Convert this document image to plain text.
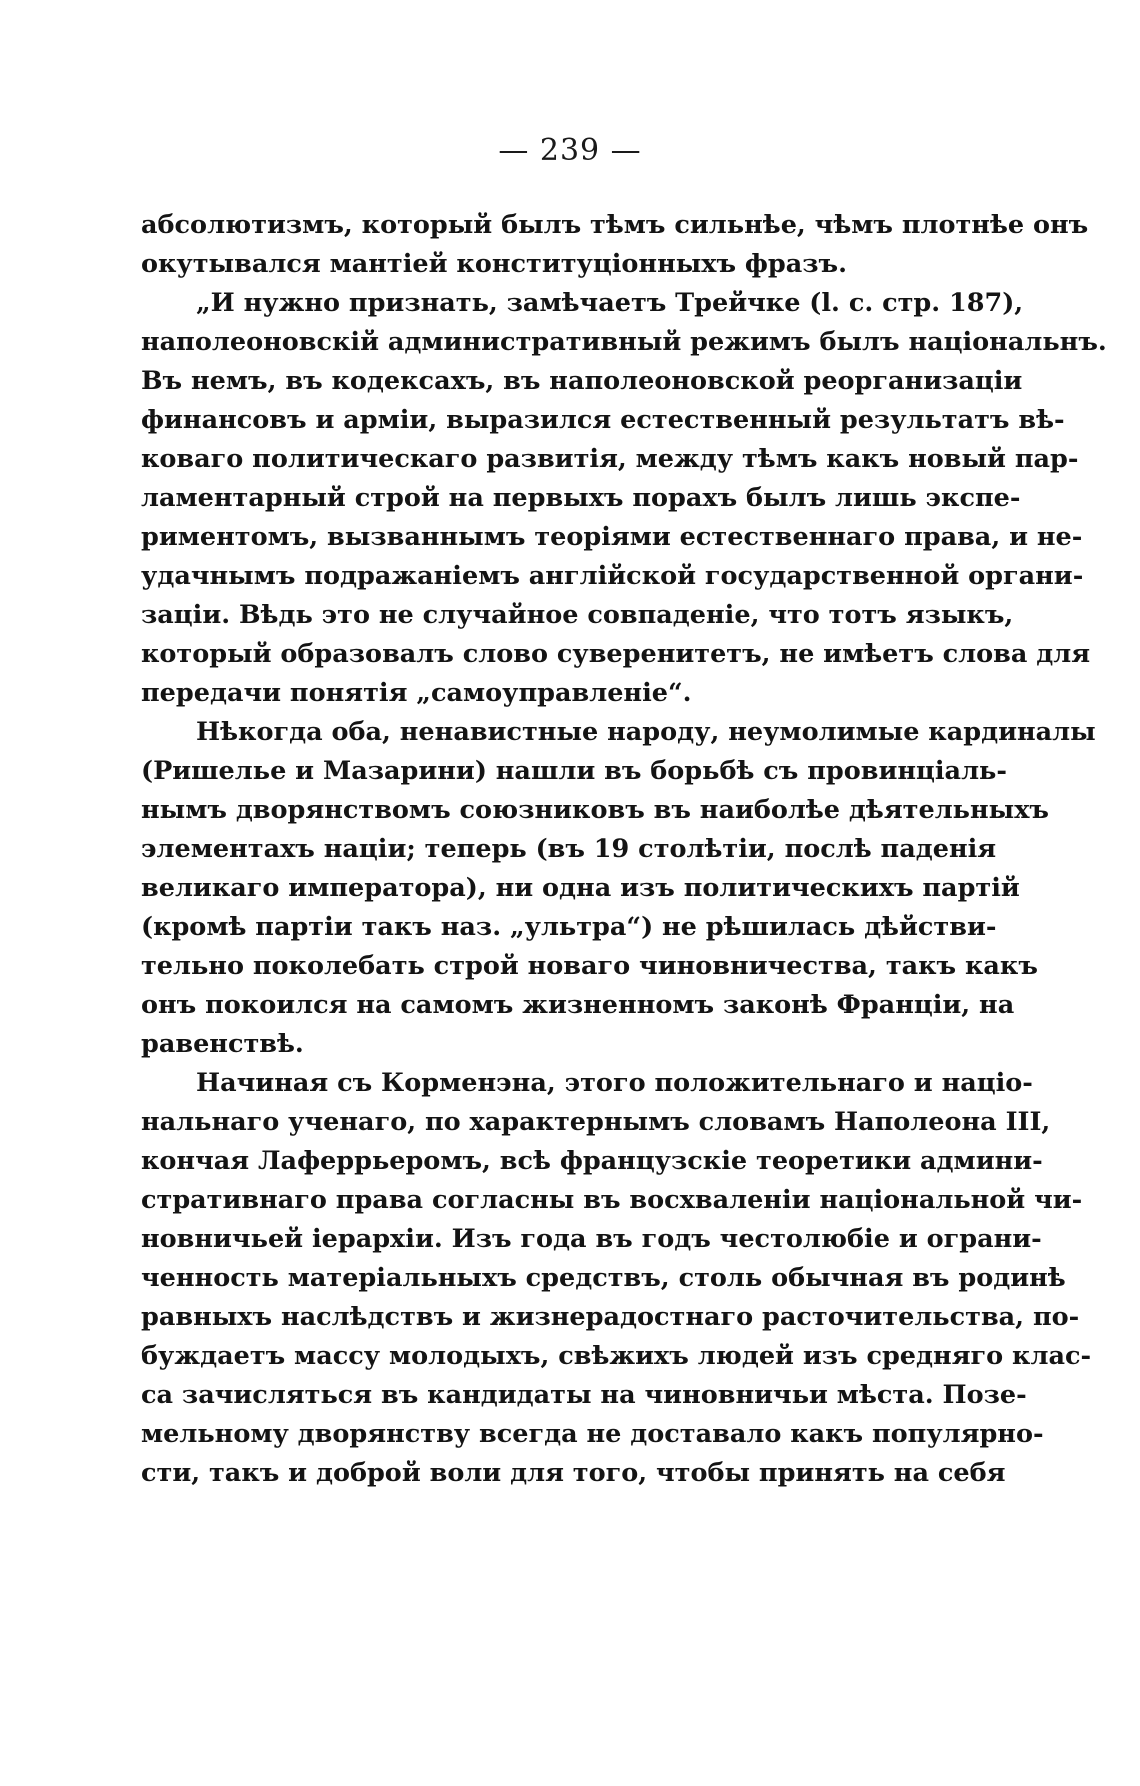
— 239 —
абсолютизмъ, который былъ тѣмъ сильнѣе, чѣмъ плотнѣе онъ
окутывался мантіей конституціонныхъ фразъ.
„И нужно признать, замѣчаетъ Трейчке (l. c. стр. 187),
наполеоновскій административный режимъ былъ національнъ.
Въ немъ, въ кодексахъ, въ наполеоновской реорганизаціи
финансовъ и арміи, выразился естественный результатъ вѣ-
коваго политическаго развитія, между тѣмъ какъ новый пар-
ламентарный строй на первыхъ порахъ былъ лишь экспе-
риментомъ, вызваннымъ теоріями естественнаго права, и не-
удачнымъ подражаніемъ англійской государственной органи-
заціи. Вѣдь это не случайное совпаденіе, что тотъ языкъ,
который образовалъ слово суверенитетъ, не имѣетъ слова для
передачи понятія „самоуправленіе“.
Нѣкогда оба, ненавистные народу, неумолимые кардиналы
(Ришелье и Мазарини) нашли въ борьбѣ съ провинціаль-
нымъ дворянствомъ союзниковъ въ наиболѣе дѣятельныхъ
элементахъ націи; теперь (въ 19 столѣтіи, послѣ паденія
великаго императора), ни одна изъ политическихъ партій
(кромѣ партіи такъ наз. „ультра“) не рѣшилась дѣйстви-
тельно поколебать строй новаго чиновничества, такъ какъ
онъ покоился на самомъ жизненномъ законѣ Франціи, на
равенствѣ.
Начиная съ Корменэна, этого положительнаго и націо-
нальнаго ученаго, по характернымъ словамъ Наполеона III,
кончая Лаферрьеромъ, всѣ французскіе теоретики админи-
стративнаго права согласны въ восхваленіи національной чи-
новничьей іерархіи. Изъ года въ годъ честолюбіе и ограни-
ченность матеріальныхъ средствъ, столь обычная въ родинѣ
равныхъ наслѣдствъ и жизнерадостнаго расточительства, по-
буждаетъ массу молодыхъ, свѣжихъ людей изъ средняго клас-
са зачисляться въ кандидаты на чиновничьи мѣста. Позе-
мельному дворянству всегда не доставало какъ популярно-
сти, такъ и доброй воли для того, чтобы принять на себя
